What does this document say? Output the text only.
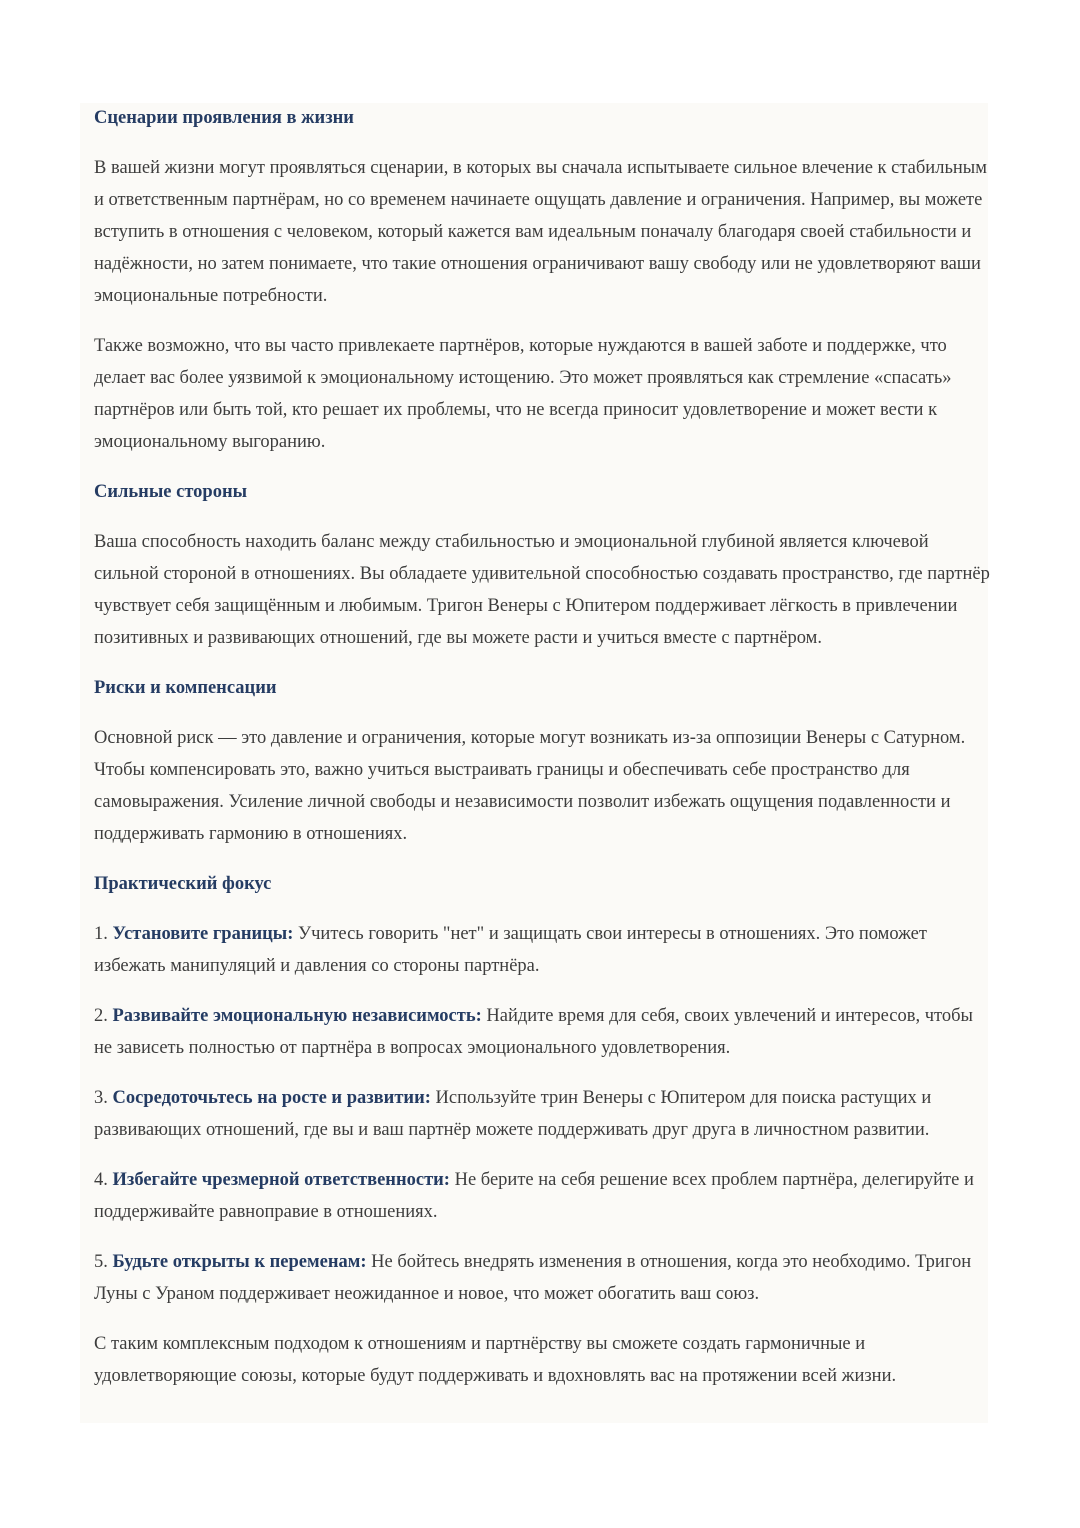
Сценарии проявления в жизни

В вашей жизни могут проявляться сценарии, в которых вы сначала испытываете сильное влечение к стабильным и ответственным партнёрам, но со временем начинаете ощущать давление и ограничения. Например, вы можете вступить в отношения с человеком, который кажется вам идеальным поначалу благодаря своей стабильности и надёжности, но затем понимаете, что такие отношения ограничивают вашу свободу или не удовлетворяют ваши эмоциональные потребности.

Также возможно, что вы часто привлекаете партнёров, которые нуждаются в вашей заботе и поддержке, что делает вас более уязвимой к эмоциональному истощению. Это может проявляться как стремление «спасать» партнёров или быть той, кто решает их проблемы, что не всегда приносит удовлетворение и может вести к эмоциональному выгоранию.

Сильные стороны

Ваша способность находить баланс между стабильностью и эмоциональной глубиной является ключевой сильной стороной в отношениях. Вы обладаете удивительной способностью создавать пространство, где партнёр чувствует себя защищённым и любимым. Тригон Венеры с Юпитером поддерживает лёгкость в привлечении позитивных и развивающих отношений, где вы можете расти и учиться вместе с партнёром.

Риски и компенсации

Основной риск — это давление и ограничения, которые могут возникать из-за оппозиции Венеры с Сатурном. Чтобы компенсировать это, важно учиться выстраивать границы и обеспечивать себе пространство для самовыражения. Усиление личной свободы и независимости позволит избежать ощущения подавленности и поддерживать гармонию в отношениях.

Практический фокус

1. Установите границы: Учитесь говорить "нет" и защищать свои интересы в отношениях. Это поможет избежать манипуляций и давления со стороны партнёра.

2. Развивайте эмоциональную независимость: Найдите время для себя, своих увлечений и интересов, чтобы не зависеть полностью от партнёра в вопросах эмоционального удовлетворения.

3. Сосредоточьтесь на росте и развитии: Используйте трин Венеры с Юпитером для поиска растущих и развивающих отношений, где вы и ваш партнёр можете поддерживать друг друга в личностном развитии.

4. Избегайте чрезмерной ответственности: Не берите на себя решение всех проблем партнёра, делегируйте и поддерживайте равноправие в отношениях.

5. Будьте открыты к переменам: Не бойтесь внедрять изменения в отношения, когда это необходимо. Тригон Луны с Ураном поддерживает неожиданное и новое, что может обогатить ваш союз.

С таким комплексным подходом к отношениям и партнёрству вы сможете создать гармоничные и удовлетворяющие союзы, которые будут поддерживать и вдохновлять вас на протяжении всей жизни.
